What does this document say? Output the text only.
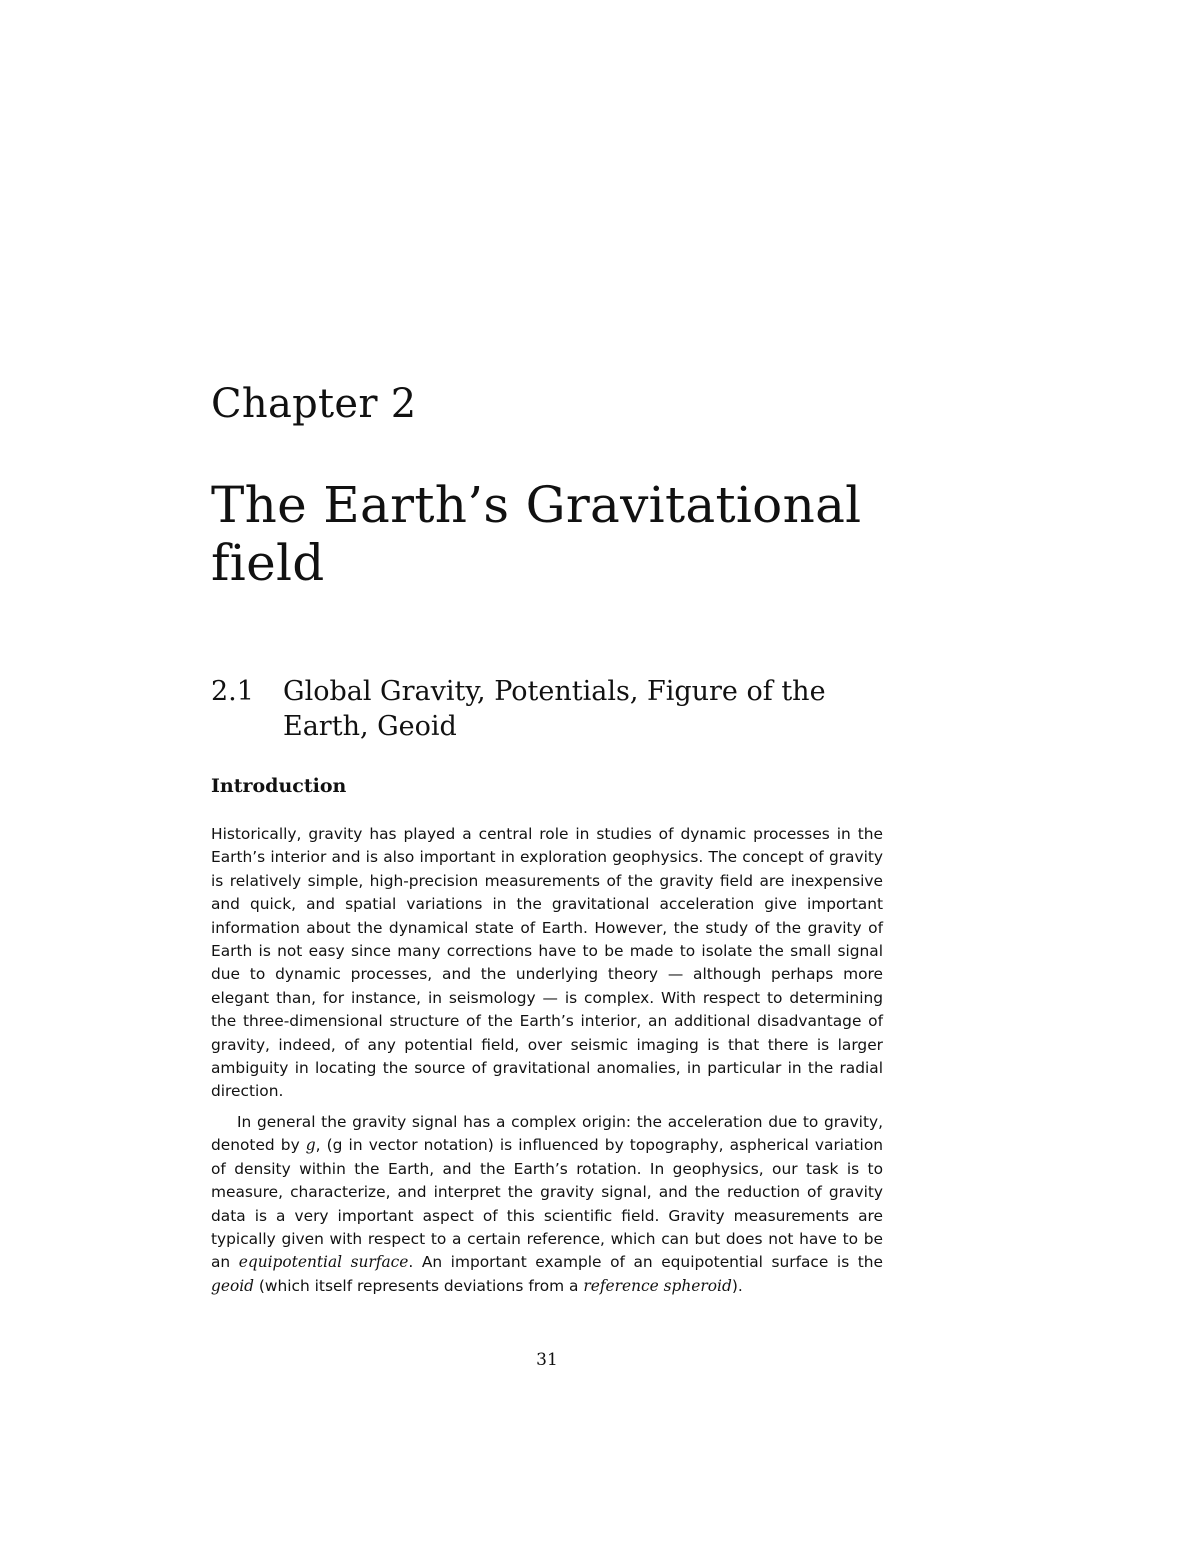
Chapter 2
The Earth’s Gravitational field
2.1 Global Gravity, Potentials, Figure of the Earth, Geoid
Introduction

Historically, gravity has played a central role in studies of dynamic processes in the Earth’s interior and is also important in exploration geophysics. The concept of gravity is relatively simple, high-precision measurements of the gravity field are inexpensive and quick, and spatial variations in the gravitational acceleration give important information about the dynamical state of Earth. However, the study of the gravity of Earth is not easy since many corrections have to be made to isolate the small signal due to dynamic processes, and the underlying theory — although perhaps more elegant than, for instance, in seismology — is complex. With respect to determining the three-dimensional structure of the Earth’s interior, an additional disadvantage of gravity, indeed, of any potential field, over seismic imaging is that there is larger ambiguity in locating the source of gravitational anomalies, in particular in the radial direction.

In general the gravity signal has a complex origin: the acceleration due to gravity, denoted by g, (g in vector notation) is influenced by topography, aspherical variation of density within the Earth, and the Earth’s rotation. In geophysics, our task is to measure, characterize, and interpret the gravity signal, and the reduction of gravity data is a very important aspect of this scientific field. Gravity measurements are typically given with respect to a certain reference, which can but does not have to be an equipotential surface. An important example of an equipotential surface is the geoid (which itself represents deviations from a reference spheroid).

31
